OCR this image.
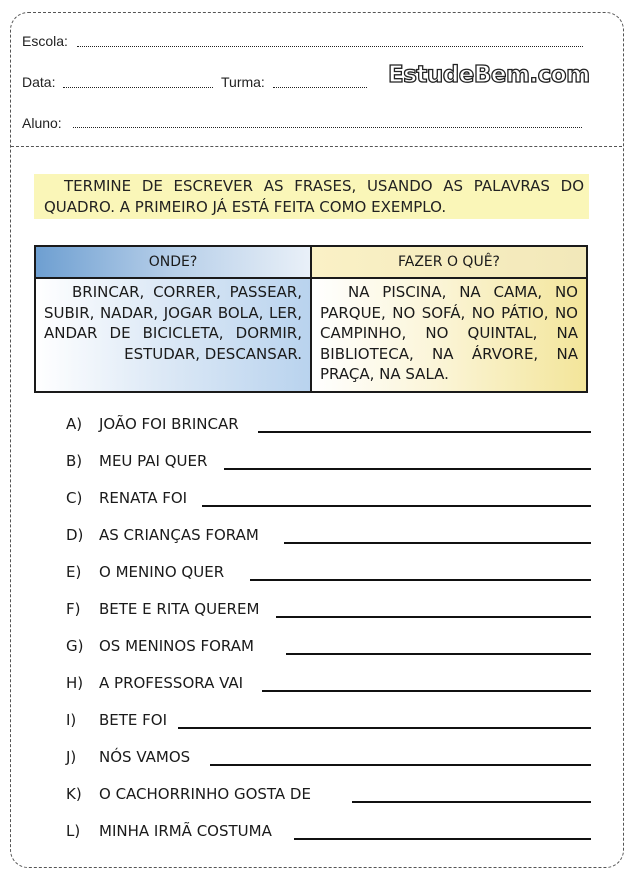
Escola:
Data:	Turma:	EstudeBem.com
Aluno:
TERMINE DE ESCREVER AS FRASES, USANDO AS PALAVRAS DO QUADRO. A PRIMEIRO JÁ ESTÁ FEITA COMO EXEMPLO.
ONDE?
BRINCAR, CORRER, PASSEAR, SUBIR, NADAR, JOGAR BOLA, LER, ANDAR DE BICICLETA, DORMIR, ESTUDAR, DESCANSAR.
FAZER O QUÊ?
NA PISCINA, NA CAMA, NO PARQUE, NO SOFÁ, NO PÁTIO, NO CAMPINHO, NO QUINTAL, NA BIBLIOTECA, NA ÁRVORE, NA PRAÇA, NA SALA.
A) JOÃO FOI BRINCAR
B) MEU PAI QUER
C) RENATA FOI
D) AS CRIANÇAS FORAM
E) O MENINO QUER
F) BETE E RITA QUEREM
G) OS MENINOS FORAM
H) A PROFESSORA VAI
I) BETE FOI
J) NÓS VAMOS
K) O CACHORRINHO GOSTA DE
L) MINHA IRMÃ COSTUMA
